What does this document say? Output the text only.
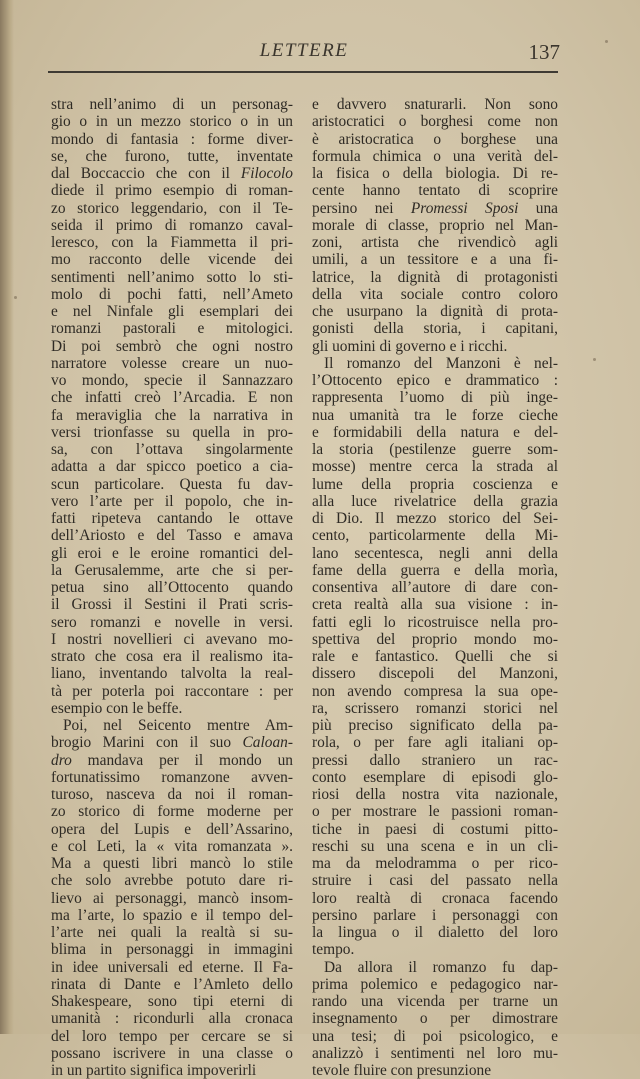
LETTERE	137
stra nell’animo di un personag-
gio o in un mezzo storico o in un
mondo di fantasia : forme diver-
se, che furono, tutte, inventate
dal Boccaccio che con il Filocolo
diede il primo esempio di roman-
zo storico leggendario, con il Te-
seida il primo di romanzo caval-
leresco, con la Fiammetta il pri-
mo racconto delle vicende dei
sentimenti nell’animo sotto lo sti-
molo di pochi fatti, nell’Ameto
e nel Ninfale gli esemplari dei
romanzi pastorali e mitologici.
Di poi sembrò che ogni nostro
narratore volesse creare un nuo-
vo mondo, specie il Sannazzaro
che infatti creò l’Arcadia. E non
fa meraviglia che la narrativa in
versi trionfasse su quella in pro-
sa, con l’ottava singolarmente
adatta a dar spicco poetico a cia-
scun particolare. Questa fu dav-
vero l’arte per il popolo, che in-
fatti ripeteva cantando le ottave
dell’Ariosto e del Tasso e amava
gli eroi e le eroine romantici del-
la Gerusalemme, arte che si per-
petua sino all’Ottocento quando
il Grossi il Sestini il Prati scris-
sero romanzi e novelle in versi.
I nostri novellieri ci avevano mo-
strato che cosa era il realismo ita-
liano, inventando talvolta la real-
tà per poterla poi raccontare : per
esempio con le beffe.
Poi, nel Seicento mentre Am-
brogio Marini con il suo Caloan-
dro mandava per il mondo un
fortunatissimo romanzone avven-
turoso, nasceva da noi il roman-
zo storico di forme moderne per
opera del Lupis e dell’Assarino,
e col Leti, la « vita romanzata ».
Ma a questi libri mancò lo stile
che solo avrebbe potuto dare ri-
lievo ai personaggi, mancò insom-
ma l’arte, lo spazio e il tempo del-
l’arte nei quali la realtà si su-
blima in personaggi in immagini
in idee universali ed eterne. Il Fa-
rinata di Dante e l’Amleto dello
Shakespeare, sono tipi eterni di
umanità : ricondurli alla cronaca
del loro tempo per cercare se si
possano iscrivere in una classe o
in un partito significa impoverirli
e davvero snaturarli. Non sono
aristocratici o borghesi come non
è aristocratica o borghese una
formula chimica o una verità del-
la fisica o della biologia. Di re-
cente hanno tentato di scoprire
persino nei Promessi Sposi una
morale di classe, proprio nel Man-
zoni, artista che rivendicò agli
umili, a un tessitore e a una fi-
latrice, la dignità di protagonisti
della vita sociale contro coloro
che usurpano la dignità di prota-
gonisti della storia, i capitani,
gli uomini di governo e i ricchi.
Il romanzo del Manzoni è nel-
l’Ottocento epico e drammatico :
rappresenta l’uomo di più inge-
nua umanità tra le forze cieche
e formidabili della natura e del-
la storia (pestilenze guerre som-
mosse) mentre cerca la strada al
lume della propria coscienza e
alla luce rivelatrice della grazia
di Dio. Il mezzo storico del Sei-
cento, particolarmente della Mi-
lano secentesca, negli anni della
fame della guerra e della morìa,
consentiva all’autore di dare con-
creta realtà alla sua visione : in-
fatti egli lo ricostruisce nella pro-
spettiva del proprio mondo mo-
rale e fantastico. Quelli che si
dissero discepoli del Manzoni,
non avendo compresa la sua ope-
ra, scrissero romanzi storici nel
più preciso significato della pa-
rola, o per fare agli italiani op-
pressi dallo straniero un rac-
conto esemplare di episodi glo-
riosi della nostra vita nazionale,
o per mostrare le passioni roman-
tiche in paesi di costumi pitto-
reschi su una scena e in un cli-
ma da melodramma o per rico-
struire i casi del passato nella
loro realtà di cronaca facendo
persino parlare i personaggi con
la lingua o il dialetto del loro
tempo.
Da allora il romanzo fu dap-
prima polemico e pedagogico nar-
rando una vicenda per trarne un
insegnamento o per dimostrare
una tesi; di poi psicologico, e
analizzò i sentimenti nel loro mu-
tevole fluire con presunzione
